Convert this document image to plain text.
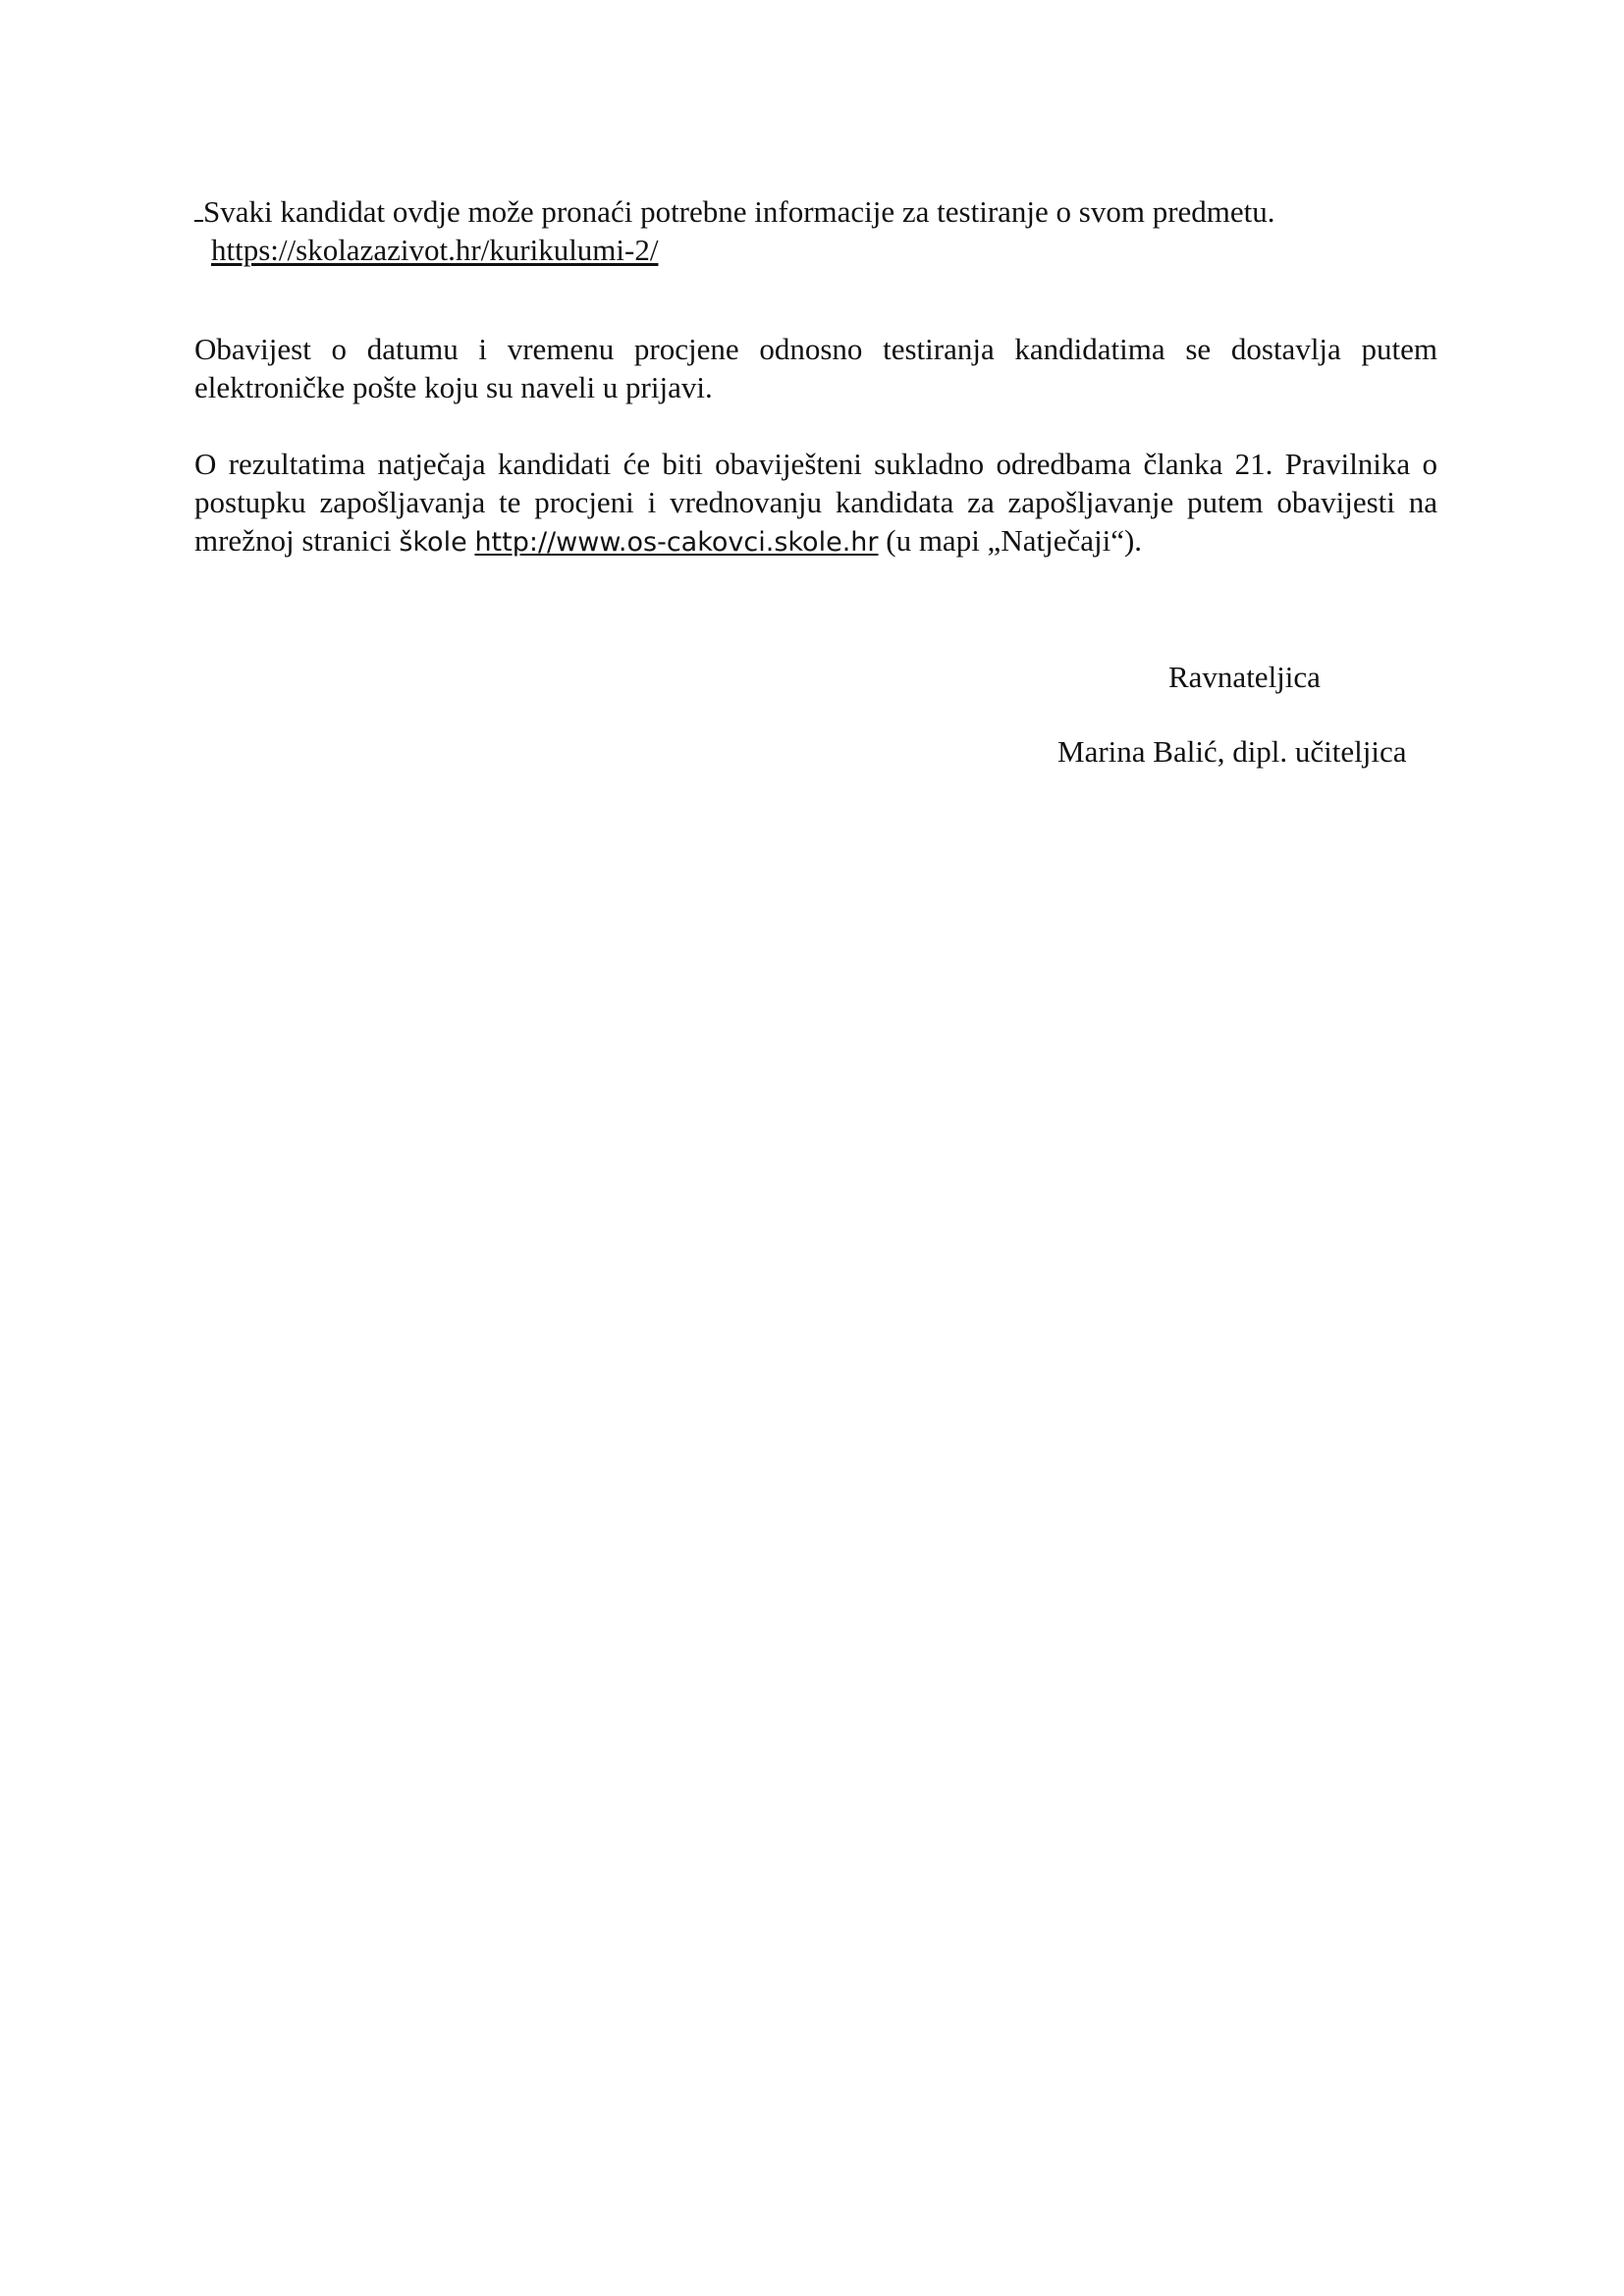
Svaki kandidat ovdje može pronaći potrebne informacije za testiranje o svom predmetu.
https://skolazazivot.hr/kurikulumi-2/

Obavijest o datumu i vremenu procjene odnosno testiranja kandidatima se dostavlja putem elektroničke pošte koju su naveli u prijavi.

O rezultatima natječaja kandidati će biti obaviješteni sukladno odredbama članka 21. Pravilnika o postupku zapošljavanja te procjeni i vrednovanju kandidata za zapošljavanje putem obavijesti na mrežnoj stranici škole http://www.os-cakovci.skole.hr (u mapi „Natječaji“).

Ravnateljica
Marina Balić, dipl. učiteljica
